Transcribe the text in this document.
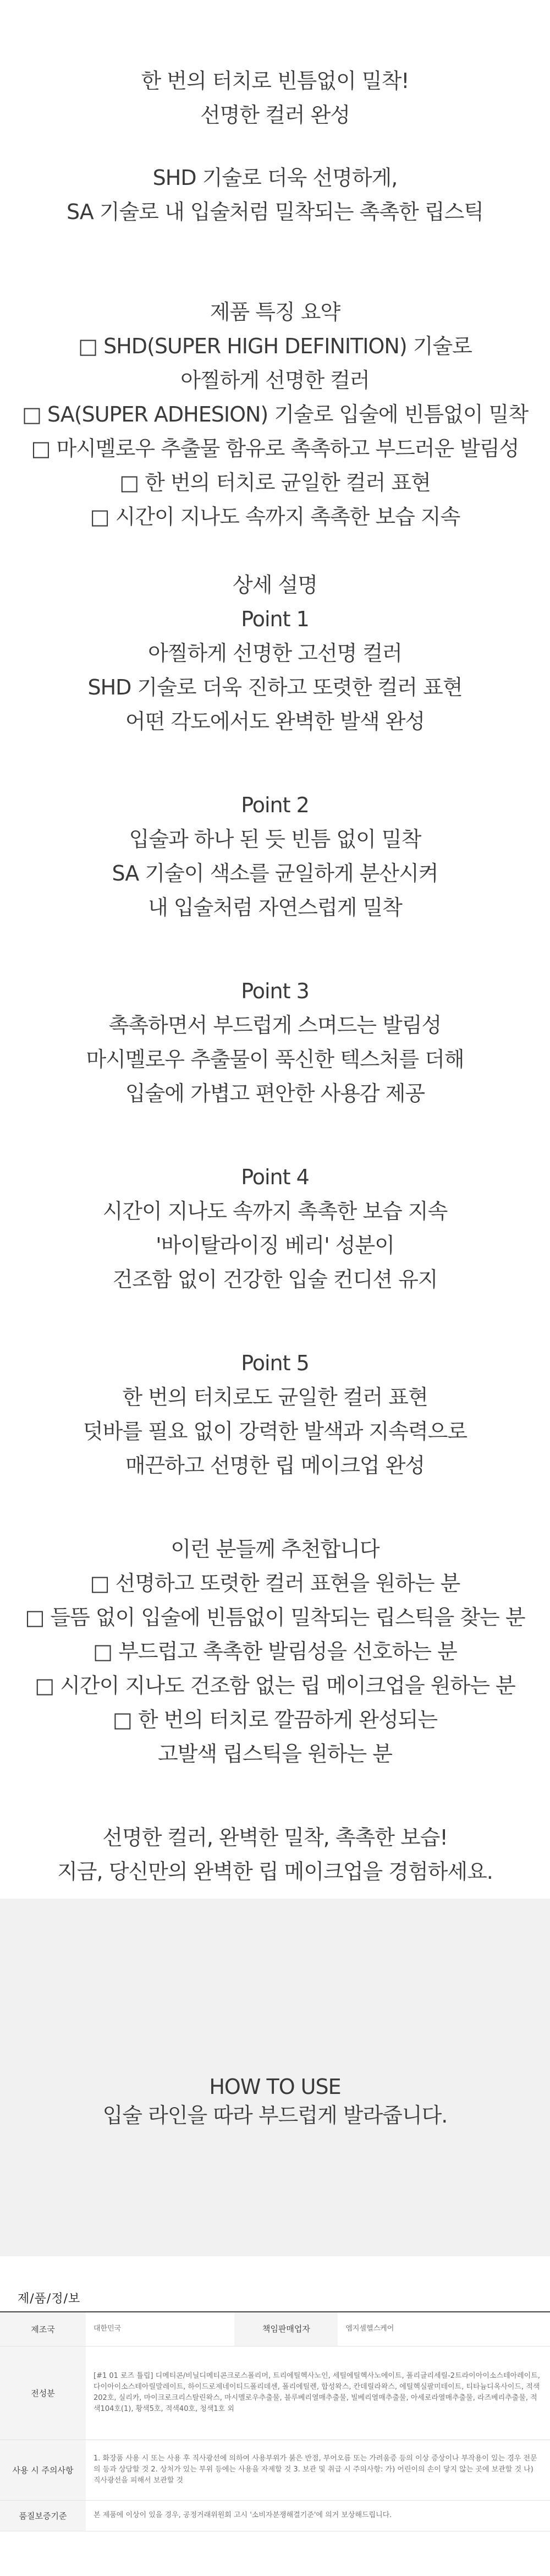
한 번의 터치로 빈틈없이 밀착!
선명한 컬러 완성
SHD 기술로 더욱 선명하게,
SA 기술로 내 입술처럼 밀착되는 촉촉한 립스틱
제품 특징 요약
□ SHD(SUPER HIGH DEFINITION) 기술로
아찔하게 선명한 컬러
□ SA(SUPER ADHESION) 기술로 입술에 빈틈없이 밀착
□ 마시멜로우 추출물 함유로 촉촉하고 부드러운 발림성
□ 한 번의 터치로 균일한 컬러 표현
□ 시간이 지나도 속까지 촉촉한 보습 지속
상세 설명
Point 1
아찔하게 선명한 고선명 컬러
SHD 기술로 더욱 진하고 또렷한 컬러 표현
어떤 각도에서도 완벽한 발색 완성
Point 2
입술과 하나 된 듯 빈틈 없이 밀착
SA 기술이 색소를 균일하게 분산시켜
내 입술처럼 자연스럽게 밀착
Point 3
촉촉하면서 부드럽게 스며드는 발림성
마시멜로우 추출물이 푹신한 텍스처를 더해
입술에 가볍고 편안한 사용감 제공
Point 4
시간이 지나도 속까지 촉촉한 보습 지속
'바이탈라이징 베리' 성분이
건조함 없이 건강한 입술 컨디션 유지
Point 5
한 번의 터치로도 균일한 컬러 표현
덧바를 필요 없이 강력한 발색과 지속력으로
매끈하고 선명한 립 메이크업 완성
이런 분들께 추천합니다
□ 선명하고 또렷한 컬러 표현을 원하는 분
□ 들뜸 없이 입술에 빈틈없이 밀착되는 립스틱을 찾는 분
□ 부드럽고 촉촉한 발림성을 선호하는 분
□ 시간이 지나도 건조함 없는 립 메이크업을 원하는 분
□ 한 번의 터치로 깔끔하게 완성되는
고발색 립스틱을 원하는 분
선명한 컬러, 완벽한 밀착, 촉촉한 보습!
지금, 당신만의 완벽한 립 메이크업을 경험하세요.
HOW TO USE
입술 라인을 따라 부드럽게 발라줍니다.
제/품/정/보
제조국	대한민국	책임판매업자	엠지셀헬스케어
전성분	[#1 01 로즈 튤립] 디메티콘/비닐디메티콘크로스폴리머, 트리에틸헥사노인, 세틸에틸헥사노에이트, 폴리글리세릴-2트라이아이소스테아레이트, 다이아이소스테아릴말레이트, 하이드로제네이티드폴리데센, 폴리에틸렌, 합성왁스, 칸데릴라왁스, 에틸헥실팔미테이트, 티타늄디옥사이드, 적색202호, 실리카, 마이크로크리스탈린왁스, 마시멜로우추출물, 블루베리열매추출물, 빌베리열매추출물, 아세로라열매추출물, 라즈베리추출물, 적색104호(1), 황색5호, 적색40호, 청색1호 외		
사용 시 주의사항	1. 화장품 사용 시 또는 사용 후 직사광선에 의하여 사용부위가 붉은 반점, 부어오름 또는 가려움증 등의 이상 증상이나 부작용이 있는 경우 전문의 등과 상담할 것 2. 상처가 있는 부위 등에는 사용을 자제할 것 3. 보관 및 취급 시 주의사항: 가) 어린이의 손이 닿지 않는 곳에 보관할 것 나) 직사광선을 피해서 보관할 것		
품질보증기준	본 제품에 이상이 있을 경우, 공정거래위원회 고시 '소비자분쟁해결기준'에 의거 보상해드립니다.		
